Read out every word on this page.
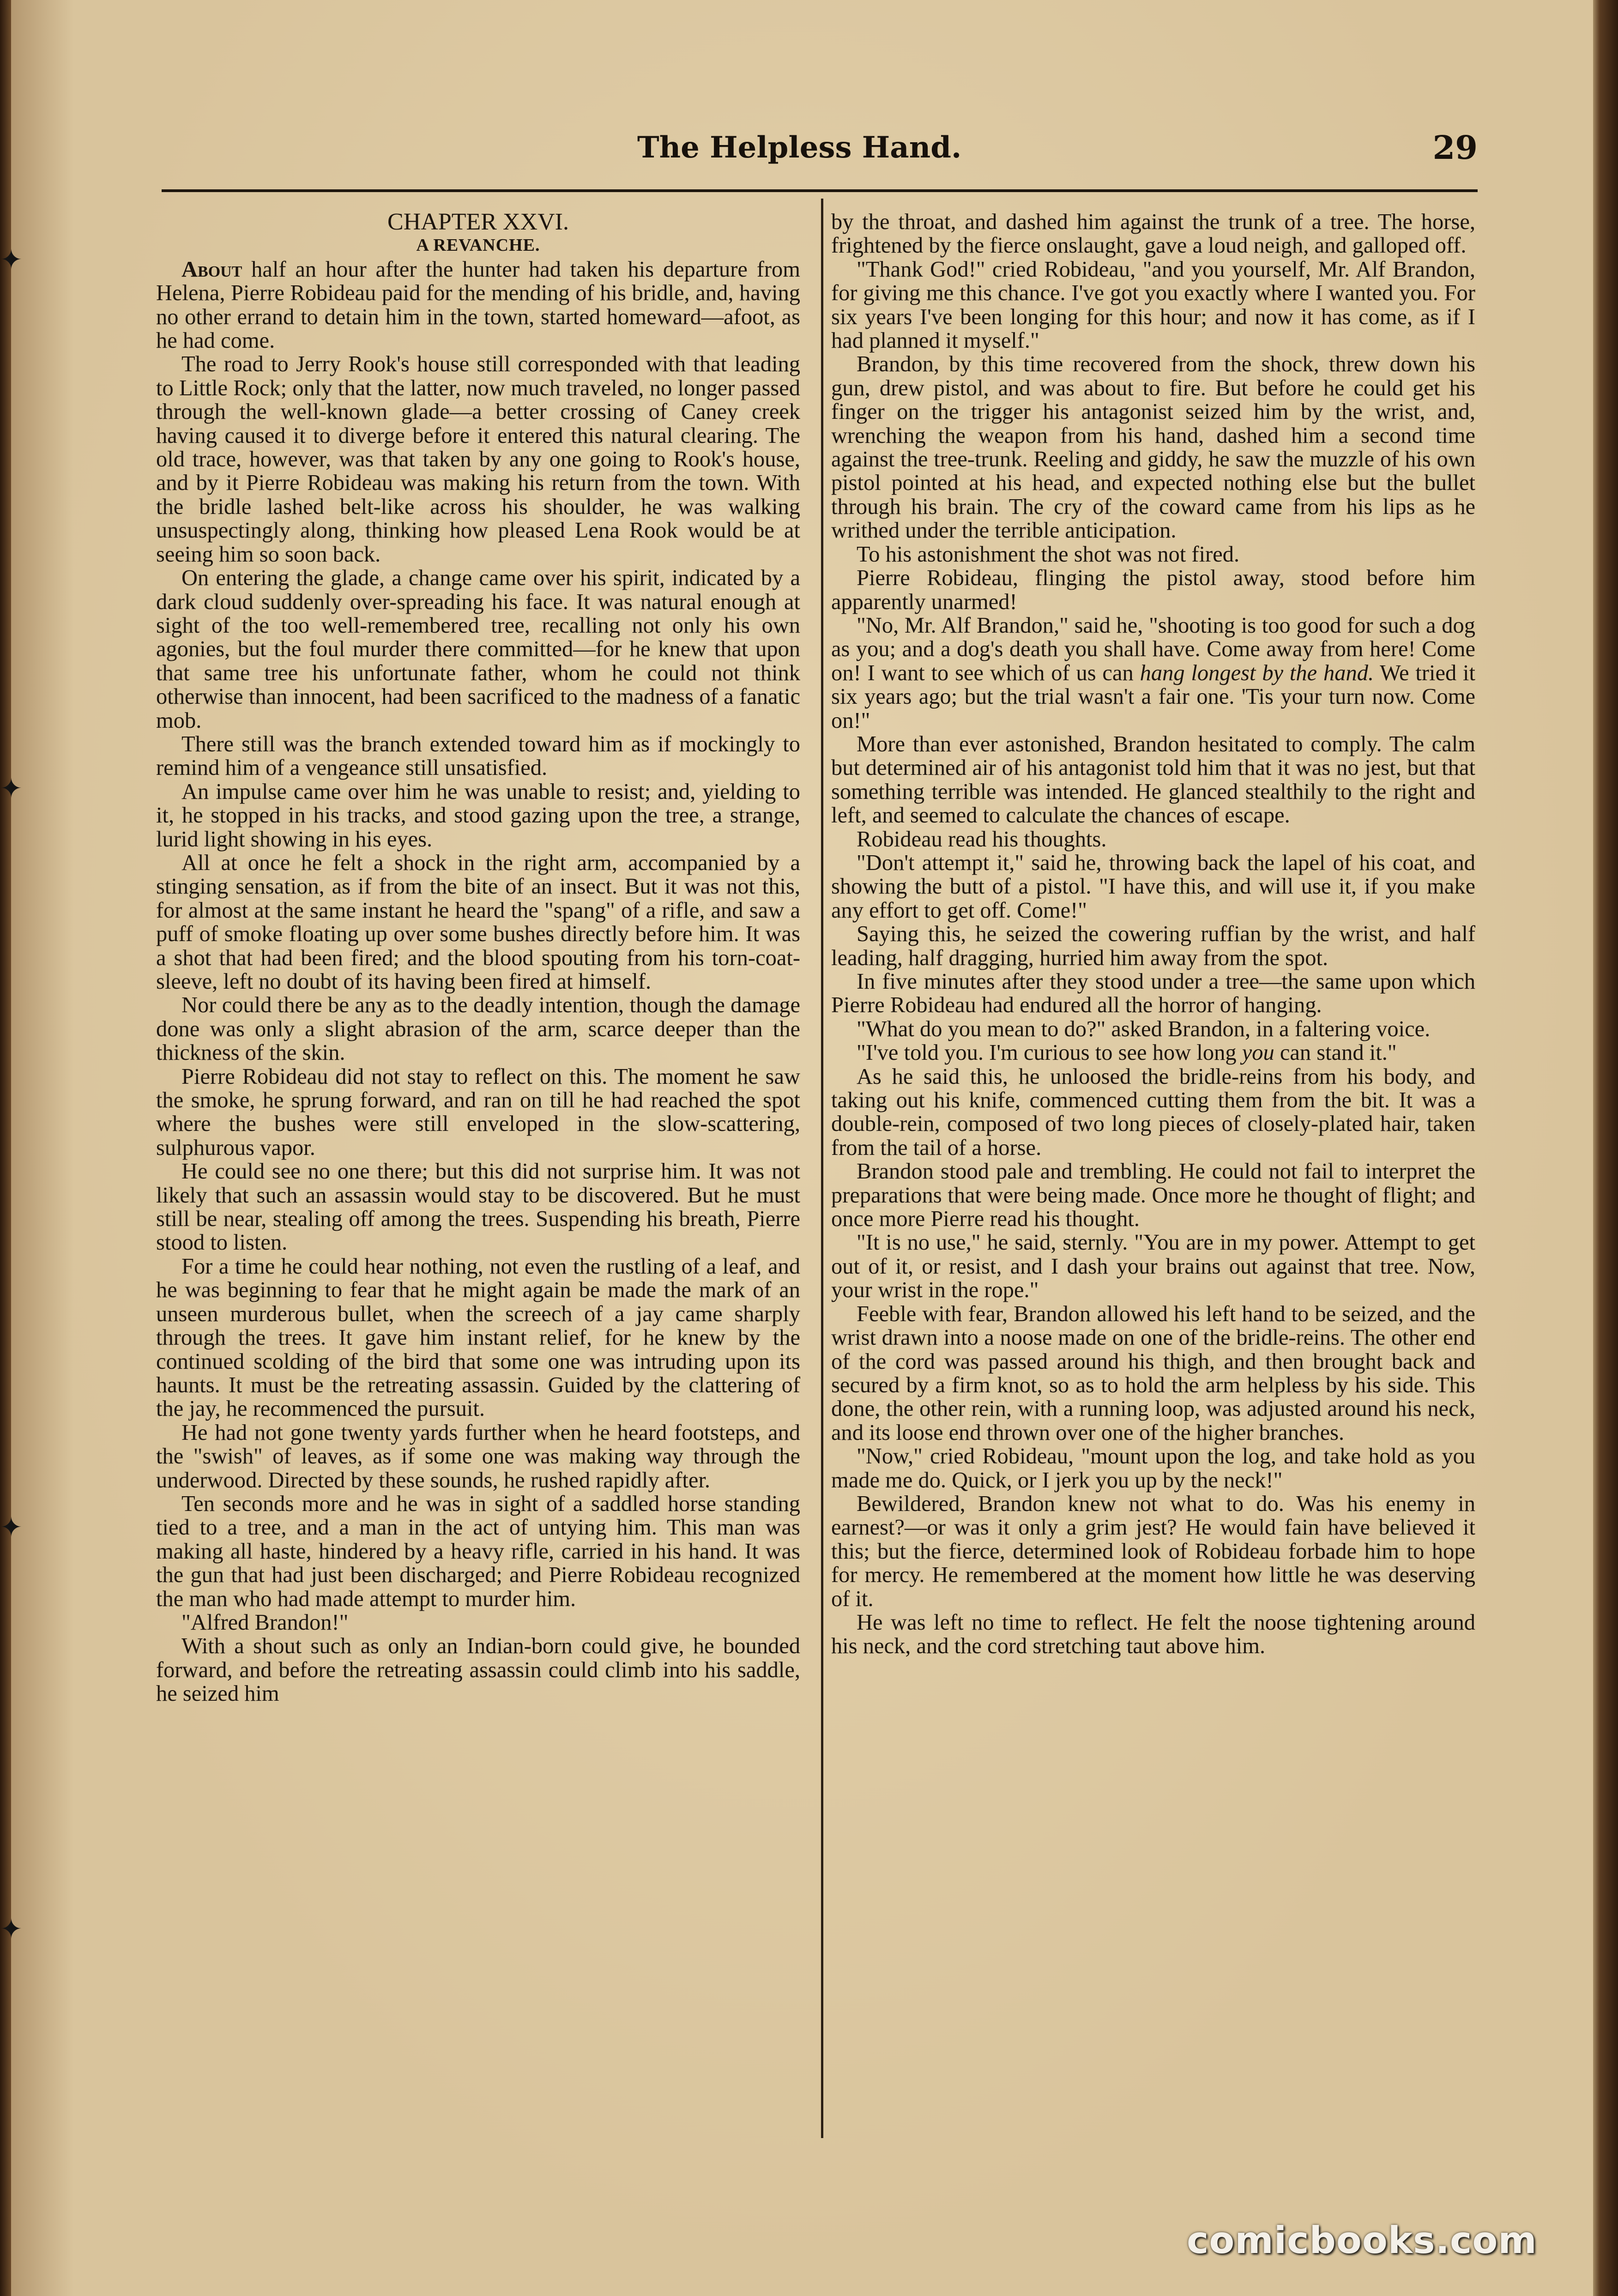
✦
✦
✦
✦
The Helpless Hand.	29

CHAPTER XXVI.

A REVANCHE.

About half an hour after the hunter had taken his departure from Helena, Pierre Robideau paid for the mending of his bridle, and, having no other errand to detain him in the town, started homeward—afoot, as he had come.

The road to Jerry Rook's house still corresponded with that leading to Little Rock; only that the latter, now much traveled, no longer passed through the well-known glade—a better crossing of Caney creek having caused it to diverge before it entered this natural clearing. The old trace, however, was that taken by any one going to Rook's house, and by it Pierre Robideau was making his return from the town. With the bridle lashed belt-like across his shoulder, he was walking unsuspectingly along, thinking how pleased Lena Rook would be at seeing him so soon back.

On entering the glade, a change came over his spirit, indicated by a dark cloud suddenly over-spreading his face. It was natural enough at sight of the too well-remembered tree, recalling not only his own agonies, but the foul murder there committed—for he knew that upon that same tree his unfortunate father, whom he could not think otherwise than innocent, had been sacrificed to the madness of a fanatic mob.

There still was the branch extended toward him as if mockingly to remind him of a vengeance still unsatisfied.

An impulse came over him he was unable to resist; and, yielding to it, he stopped in his tracks, and stood gazing upon the tree, a strange, lurid light showing in his eyes.

All at once he felt a shock in the right arm, accompanied by a stinging sensation, as if from the bite of an insect. But it was not this, for almost at the same instant he heard the "spang" of a rifle, and saw a puff of smoke floating up over some bushes directly before him. It was a shot that had been fired; and the blood spouting from his torn-coat-sleeve, left no doubt of its having been fired at himself.

Nor could there be any as to the deadly intention, though the damage done was only a slight abrasion of the arm, scarce deeper than the thickness of the skin.

Pierre Robideau did not stay to reflect on this. The moment he saw the smoke, he sprung forward, and ran on till he had reached the spot where the bushes were still enveloped in the slow-scattering, sulphurous vapor.

He could see no one there; but this did not surprise him. It was not likely that such an assassin would stay to be discovered. But he must still be near, stealing off among the trees. Suspending his breath, Pierre stood to listen.

For a time he could hear nothing, not even the rustling of a leaf, and he was beginning to fear that he might again be made the mark of an unseen murderous bullet, when the screech of a jay came sharply through the trees. It gave him instant relief, for he knew by the continued scolding of the bird that some one was intruding upon its haunts. It must be the retreating assassin. Guided by the clattering of the jay, he recommenced the pursuit.

He had not gone twenty yards further when he heard footsteps, and the "swish" of leaves, as if some one was making way through the underwood. Directed by these sounds, he rushed rapidly after.

Ten seconds more and he was in sight of a saddled horse standing tied to a tree, and a man in the act of untying him. This man was making all haste, hindered by a heavy rifle, carried in his hand. It was the gun that had just been discharged; and Pierre Robideau recognized the man who had made attempt to murder him.

"Alfred Brandon!"

With a shout such as only an Indian-born could give, he bounded forward, and before the retreating assassin could climb into his saddle, he seized him

by the throat, and dashed him against the trunk of a tree. The horse, frightened by the fierce onslaught, gave a loud neigh, and galloped off.

"Thank God!" cried Robideau, "and you yourself, Mr. Alf Brandon, for giving me this chance. I've got you exactly where I wanted you. For six years I've been longing for this hour; and now it has come, as if I had planned it myself."

Brandon, by this time recovered from the shock, threw down his gun, drew pistol, and was about to fire. But before he could get his finger on the trigger his antagonist seized him by the wrist, and, wrenching the weapon from his hand, dashed him a second time against the tree-trunk. Reeling and giddy, he saw the muzzle of his own pistol pointed at his head, and expected nothing else but the bullet through his brain. The cry of the coward came from his lips as he writhed under the terrible anticipation.

To his astonishment the shot was not fired.

Pierre Robideau, flinging the pistol away, stood before him apparently unarmed!

"No, Mr. Alf Brandon," said he, "shooting is too good for such a dog as you; and a dog's death you shall have. Come away from here! Come on! I want to see which of us can hang longest by the hand. We tried it six years ago; but the trial wasn't a fair one. 'Tis your turn now. Come on!"

More than ever astonished, Brandon hesitated to comply. The calm but determined air of his antagonist told him that it was no jest, but that something terrible was intended. He glanced stealthily to the right and left, and seemed to calculate the chances of escape.

Robideau read his thoughts.

"Don't attempt it," said he, throwing back the lapel of his coat, and showing the butt of a pistol. "I have this, and will use it, if you make any effort to get off. Come!"

Saying this, he seized the cowering ruffian by the wrist, and half leading, half dragging, hurried him away from the spot.

In five minutes after they stood under a tree—the same upon which Pierre Robideau had endured all the horror of hanging.

"What do you mean to do?" asked Brandon, in a faltering voice.

"I've told you. I'm curious to see how long you can stand it."

As he said this, he unloosed the bridle-reins from his body, and taking out his knife, commenced cutting them from the bit. It was a double-rein, composed of two long pieces of closely-plated hair, taken from the tail of a horse.

Brandon stood pale and trembling. He could not fail to interpret the preparations that were being made. Once more he thought of flight; and once more Pierre read his thought.

"It is no use," he said, sternly. "You are in my power. Attempt to get out of it, or resist, and I dash your brains out against that tree. Now, your wrist in the rope."

Feeble with fear, Brandon allowed his left hand to be seized, and the wrist drawn into a noose made on one of the bridle-reins. The other end of the cord was passed around his thigh, and then brought back and secured by a firm knot, so as to hold the arm helpless by his side. This done, the other rein, with a running loop, was adjusted around his neck, and its loose end thrown over one of the higher branches.

"Now," cried Robideau, "mount upon the log, and take hold as you made me do. Quick, or I jerk you up by the neck!"

Bewildered, Brandon knew not what to do. Was his enemy in earnest?—or was it only a grim jest? He would fain have believed it this; but the fierce, determined look of Robideau forbade him to hope for mercy. He remembered at the moment how little he was deserving of it.

He was left no time to reflect. He felt the noose tightening around his neck, and the cord stretching taut above him.

comicbooks.com
